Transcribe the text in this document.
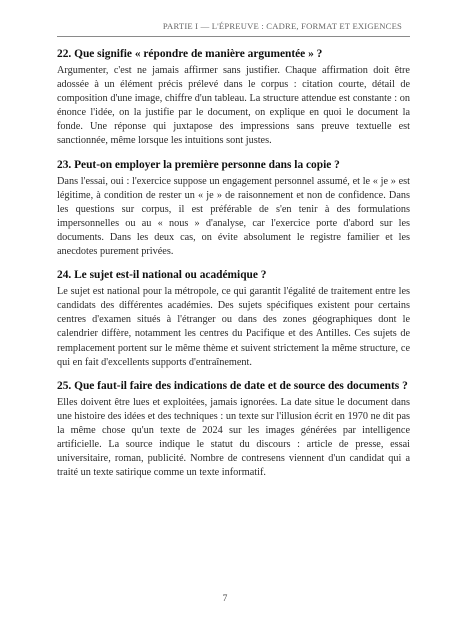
PARTIE I — L'ÉPREUVE : CADRE, FORMAT ET EXIGENCES
22. Que signifie « répondre de manière argumentée » ?

Argumenter, c'est ne jamais affirmer sans justifier. Chaque affirmation doit être adossée à un élément précis prélevé dans le corpus : citation courte, détail de composition d'une image, chiffre d'un tableau. La structure attendue est constante : on énonce l'idée, on la justifie par le document, on explique en quoi le document la fonde. Une réponse qui juxtapose des impressions sans preuve textuelle est sanctionnée, même lorsque les intuitions sont justes.

23. Peut-on employer la première personne dans la copie ?

Dans l'essai, oui : l'exercice suppose un engagement personnel assumé, et le « je » est légitime, à condition de rester un « je » de raisonnement et non de confidence. Dans les questions sur corpus, il est préférable de s'en tenir à des formulations impersonnelles ou au « nous » d'analyse, car l'exercice porte d'abord sur les documents. Dans les deux cas, on évite absolument le registre familier et les anecdotes purement privées.

24. Le sujet est-il national ou académique ?

Le sujet est national pour la métropole, ce qui garantit l'égalité de traitement entre les candidats des différentes académies. Des sujets spécifiques existent pour certains centres d'examen situés à l'étranger ou dans des zones géographiques dont le calendrier diffère, notamment les centres du Pacifique et des Antilles. Ces sujets de remplacement portent sur le même thème et suivent strictement la même structure, ce qui en fait d'excellents supports d'entraînement.

25. Que faut-il faire des indications de date et de source des documents ?

Elles doivent être lues et exploitées, jamais ignorées. La date situe le document dans une histoire des idées et des techniques : un texte sur l'illusion écrit en 1970 ne dit pas la même chose qu'un texte de 2024 sur les images générées par intelligence artificielle. La source indique le statut du discours : article de presse, essai universitaire, roman, publicité. Nombre de contresens viennent d'un candidat qui a traité un texte satirique comme un texte informatif.

7
